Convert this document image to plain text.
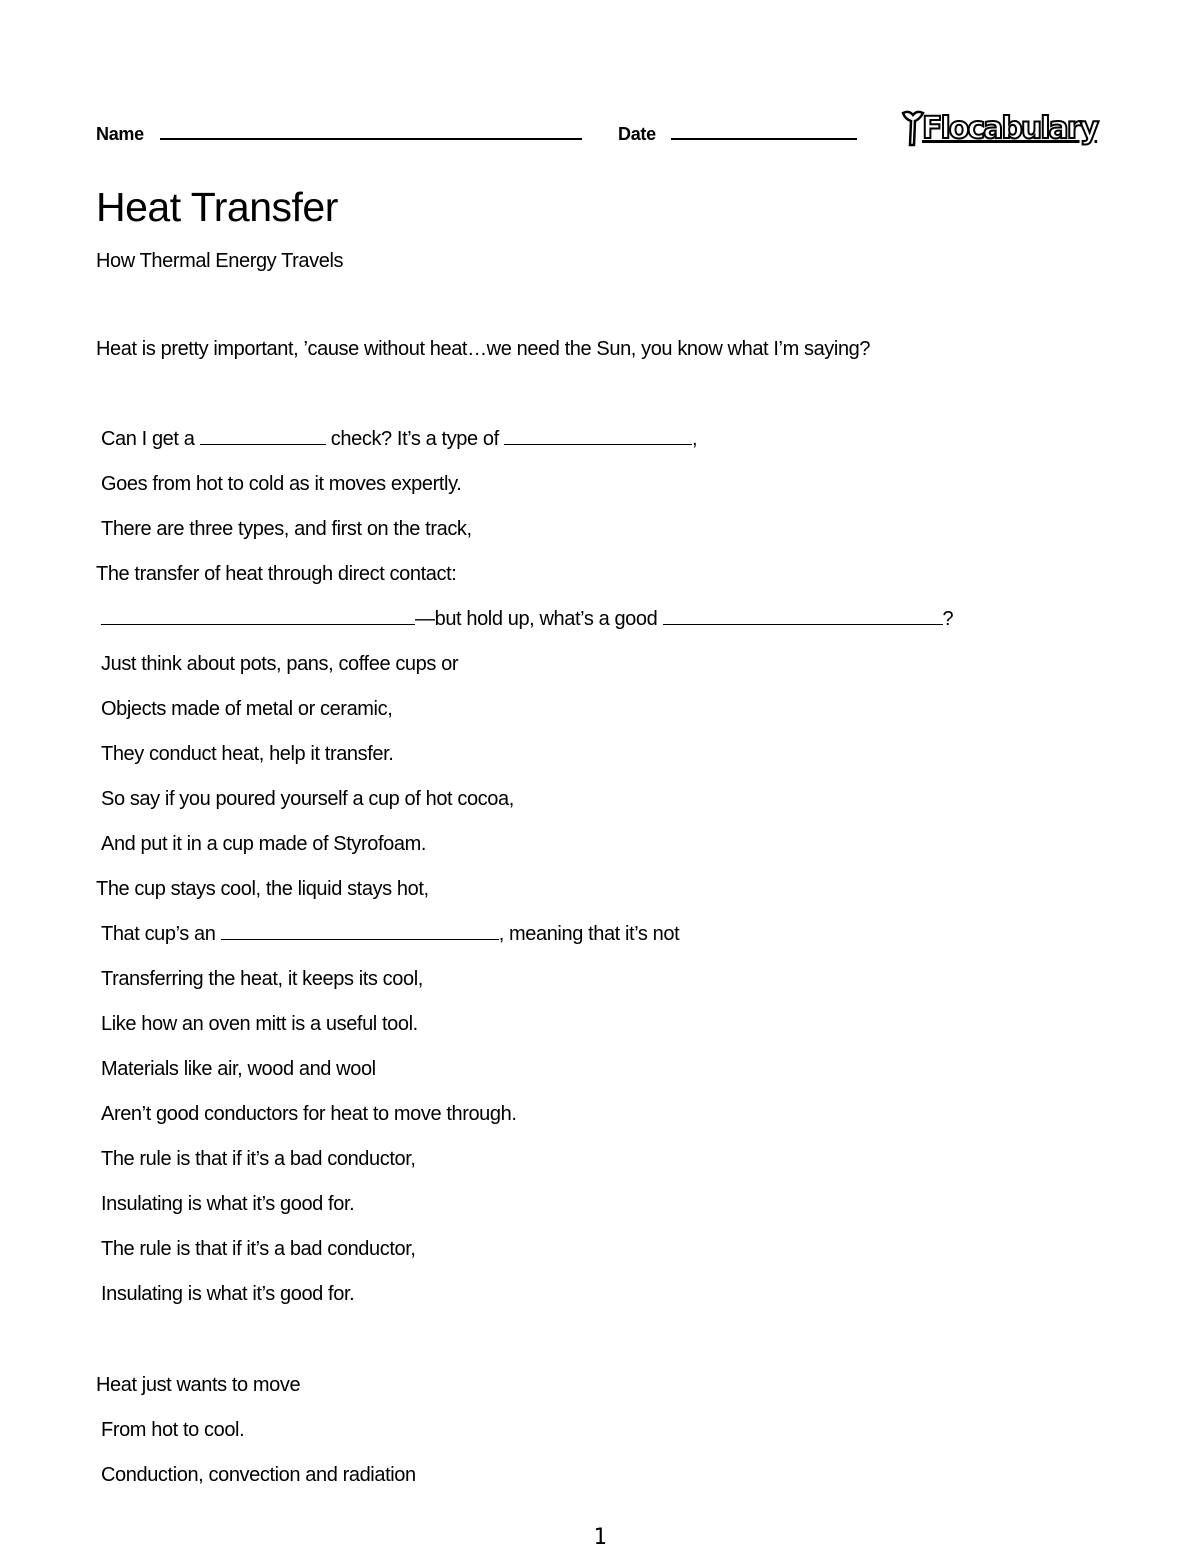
Name	Date	Flocabulary
Heat Transfer
How Thermal Energy Travels
Heat is pretty important, ’cause without heat…we need the Sun, you know what I’m saying?
Can I get a	check? It’s a type of	,
Goes from hot to cold as it moves expertly.
There are three types, and first on the track,
The transfer of heat through direct contact:
—but hold up, what’s a good	?
Just think about pots, pans, coffee cups or
Objects made of metal or ceramic,
They conduct heat, help it transfer.
So say if you poured yourself a cup of hot cocoa,
And put it in a cup made of Styrofoam.
The cup stays cool, the liquid stays hot,
That cup’s an	, meaning that it’s not
Transferring the heat, it keeps its cool,
Like how an oven mitt is a useful tool.
Materials like air, wood and wool
Aren’t good conductors for heat to move through.
The rule is that if it’s a bad conductor,
Insulating is what it’s good for.
The rule is that if it’s a bad conductor,
Insulating is what it’s good for.
Heat just wants to move
From hot to cool.
Conduction, convection and radiation
1
